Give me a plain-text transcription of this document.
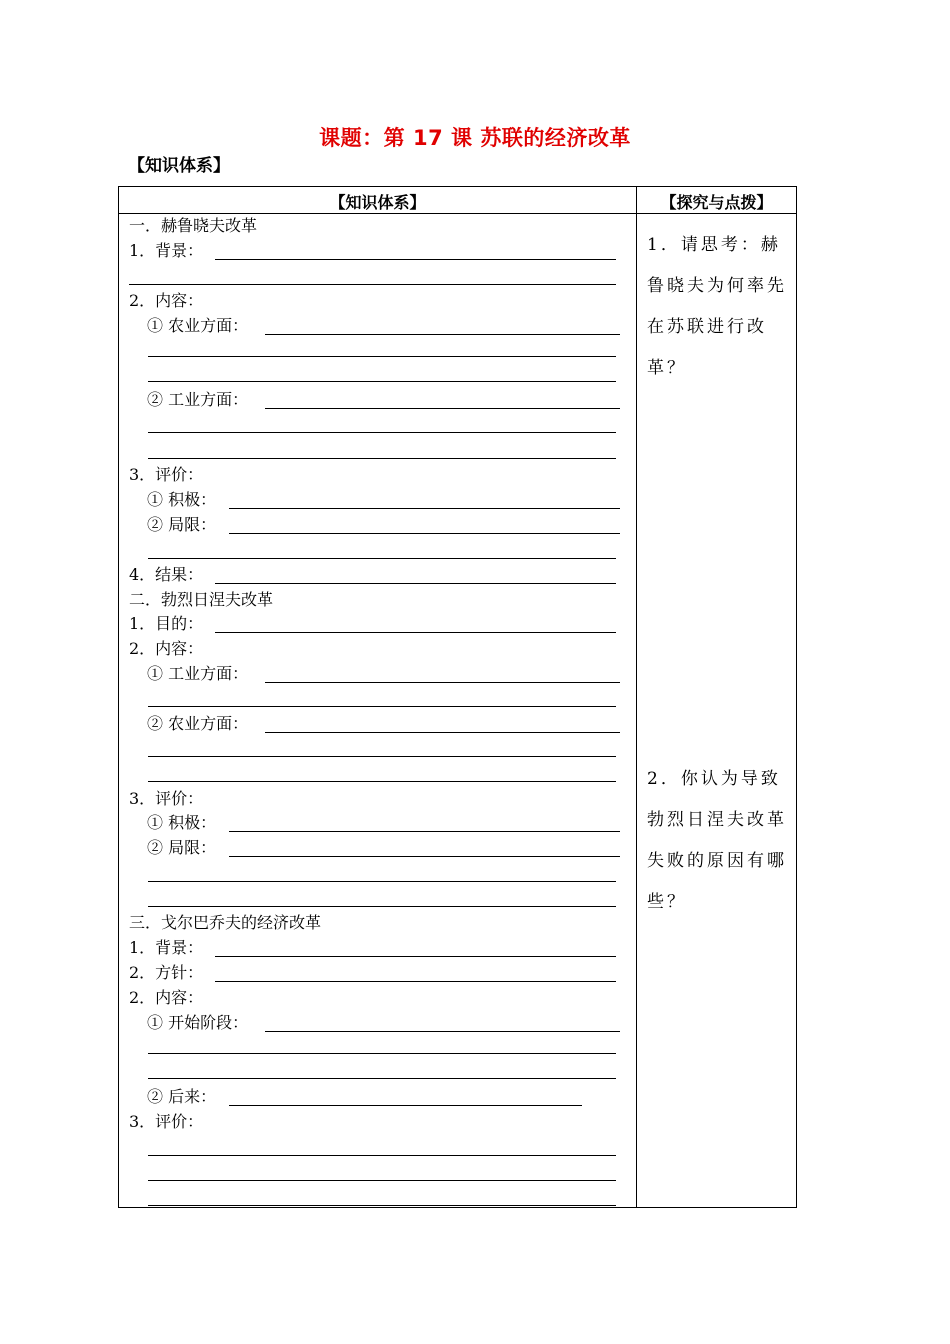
课题：第 17 课 苏联的经济改革
【知识体系】
【知识体系】	【探究与点拨】
一．赫鲁晓夫改革
1．背景：
2．内容：
① 农业方面：
② 工业方面：
3．评价：
① 积极：
② 局限：
4．结果：
二．勃烈日涅夫改革
1．目的：
2．内容：
① 工业方面：
② 农业方面：
3．评价：
① 积极：
② 局限：
三．戈尔巴乔夫的经济改革
1．背景：
2．方针：
2．内容：
① 开始阶段：
② 后来：
3．评价：
1．请思考：赫
鲁晓夫为何率先
在苏联进行改
革？
2．你认为导致
勃烈日涅夫改革
失败的原因有哪
些？
